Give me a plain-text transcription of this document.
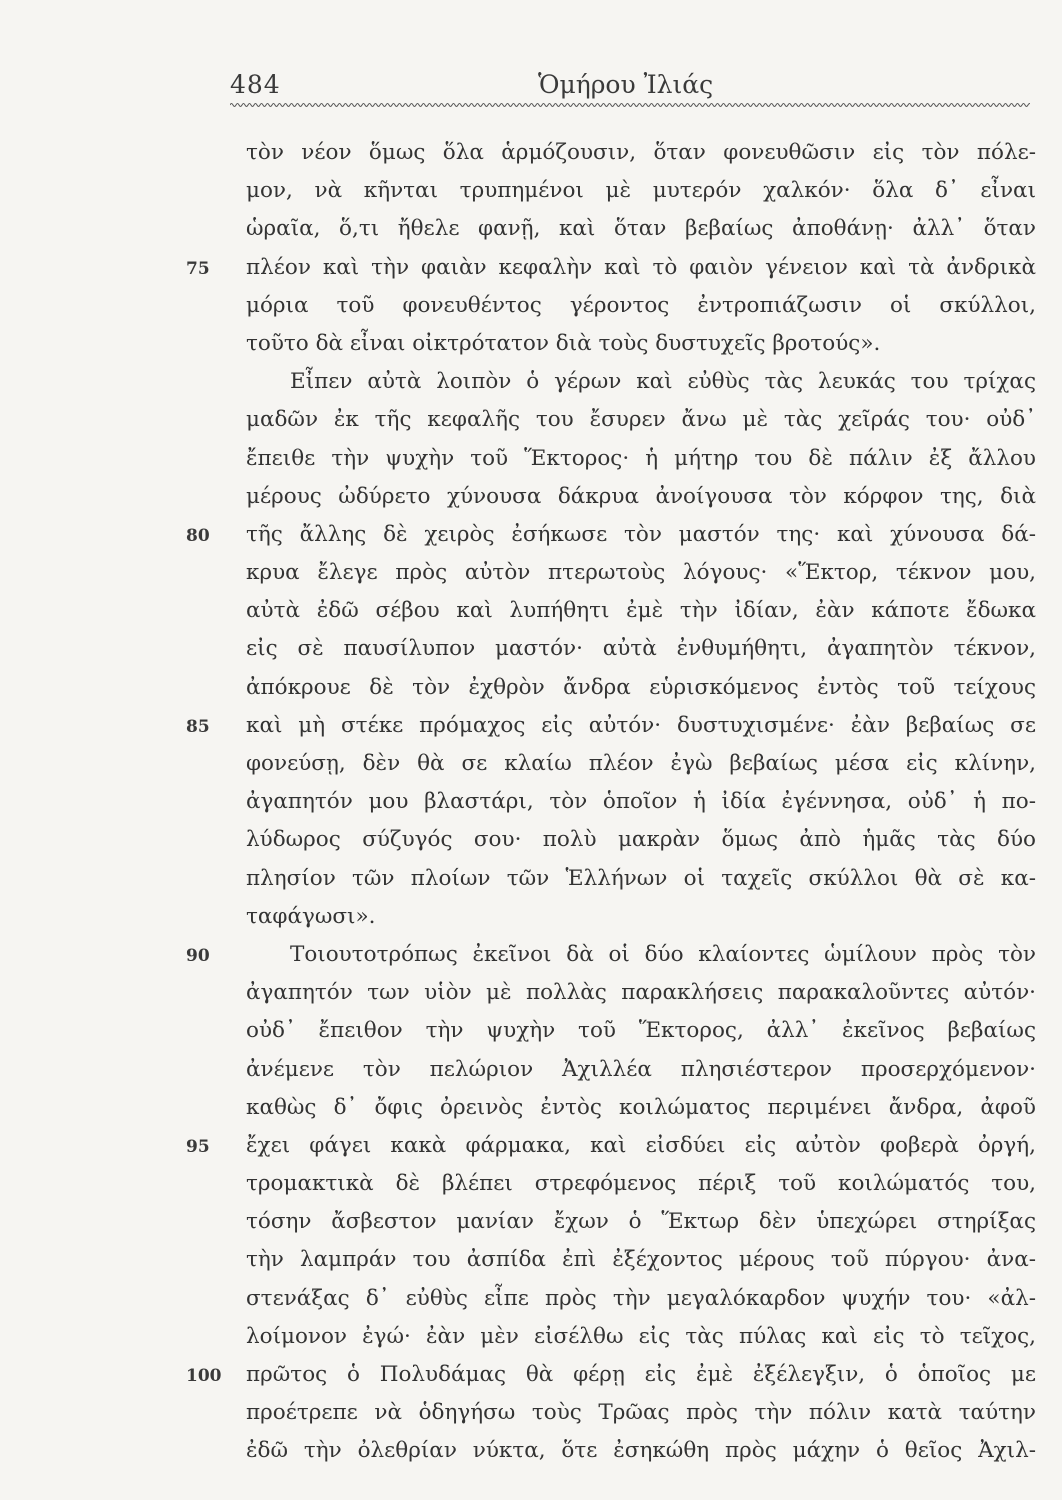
484	Ὁμήρου Ἰλιάς
τὸν νέον ὅμως ὅλα ἁρμόζουσιν, ὅταν φονευθῶσιν εἰς τὸν πόλε-
μον, νὰ κῆνται τρυπημένοι μὲ μυτερόν χαλκόν· ὅλα δ᾽ εἶναι
ὡραῖα, ὅ,τι ἤθελε φανῇ, καὶ ὅταν βεβαίως ἀποθάνῃ· ἀλλ᾽ ὅταν
75 πλέον καὶ τὴν φαιὰν κεφαλὴν καὶ τὸ φαιὸν γένειον καὶ τὰ ἀνδρικὰ
μόρια τοῦ φονευθέντος γέροντος ἐντροπιάζωσιν οἱ σκύλλοι,
τοῦτο δὰ εἶναι οἰκτρότατον διὰ τοὺς δυστυχεῖς βροτούς».
Εἶπεν αὐτὰ λοιπὸν ὁ γέρων καὶ εὐθὺς τὰς λευκάς του τρίχας
μαδῶν ἐκ τῆς κεφαλῆς του ἔσυρεν ἄνω μὲ τὰς χεῖράς του· οὐδ᾽
ἔπειθε τὴν ψυχὴν τοῦ Ἕκτορος· ἡ μήτηρ του δὲ πάλιν ἐξ ἄλλου
μέρους ὠδύρετο χύνουσα δάκρυα ἀνοίγουσα τὸν κόρφον της, διὰ
80 τῆς ἄλλης δὲ χειρὸς ἐσήκωσε τὸν μαστόν της· καὶ χύνουσα δά-
κρυα ἔλεγε πρὸς αὐτὸν πτερωτοὺς λόγους· «Ἕκτορ, τέκνον μου,
αὐτὰ ἐδῶ σέβου καὶ λυπήθητι ἐμὲ τὴν ἰδίαν, ἐὰν κάποτε ἔδωκα
εἰς σὲ παυσίλυπον μαστόν· αὐτὰ ἐνθυμήθητι, ἀγαπητὸν τέκνον,
ἀπόκρουε δὲ τὸν ἐχθρὸν ἄνδρα εὑρισκόμενος ἐντὸς τοῦ τείχους
85 καὶ μὴ στέκε πρόμαχος εἰς αὐτόν· δυστυχισμένε· ἐὰν βεβαίως σε
φονεύσῃ, δὲν θὰ σε κλαίω πλέον ἐγὼ βεβαίως μέσα εἰς κλίνην,
ἀγαπητόν μου βλαστάρι, τὸν ὁποῖον ἡ ἰδία ἐγέννησα, οὐδ᾽ ἡ πο-
λύδωρος σύζυγός σου· πολὺ μακρὰν ὅμως ἀπὸ ἡμᾶς τὰς δύο
πλησίον τῶν πλοίων τῶν Ἑλλήνων οἱ ταχεῖς σκύλλοι θὰ σὲ κα-
ταφάγωσι».
90	Τοιουτοτρόπως ἐκεῖνοι δὰ οἱ δύο κλαίοντες ὡμίλουν πρὸς τὸν
ἀγαπητόν των υἱὸν μὲ πολλὰς παρακλήσεις παρακαλοῦντες αὐτόν·
οὐδ᾽ ἔπειθον τὴν ψυχὴν τοῦ Ἕκτορος, ἀλλ᾽ ἐκεῖνος βεβαίως
ἀνέμενε τὸν πελώριον Ἀχιλλέα πλησιέστερον προσερχόμενον·
καθὼς δ᾽ ὄφις ὀρεινὸς ἐντὸς κοιλώματος περιμένει ἄνδρα, ἀφοῦ
95 ἔχει φάγει κακὰ φάρμακα, καὶ εἰσδύει εἰς αὐτὸν φοβερὰ ὀργή,
τρομακτικὰ δὲ βλέπει στρεφόμενος πέριξ τοῦ κοιλώματός του,
τόσην ἄσβεστον μανίαν ἔχων ὁ Ἕκτωρ δὲν ὑπεχώρει στηρίξας
τὴν λαμπράν του ἀσπίδα ἐπὶ ἐξέχοντος μέρους τοῦ πύργου· ἀνα-
στενάξας δ᾽ εὐθὺς εἶπε πρὸς τὴν μεγαλόκαρδον ψυχήν του· «ἀλ-
λοίμονον ἐγώ· ἐὰν μὲν εἰσέλθω εἰς τὰς πύλας καὶ εἰς τὸ τεῖχος,
100 πρῶτος ὁ Πολυδάμας θὰ φέρῃ εἰς ἐμὲ ἐξέλεγξιν, ὁ ὁποῖος με
προέτρεπε νὰ ὁδηγήσω τοὺς Τρῶας πρὸς τὴν πόλιν κατὰ ταύτην
ἐδῶ τὴν ὀλεθρίαν νύκτα, ὅτε ἐσηκώθη πρὸς μάχην ὁ θεῖος Ἀχιλ-
